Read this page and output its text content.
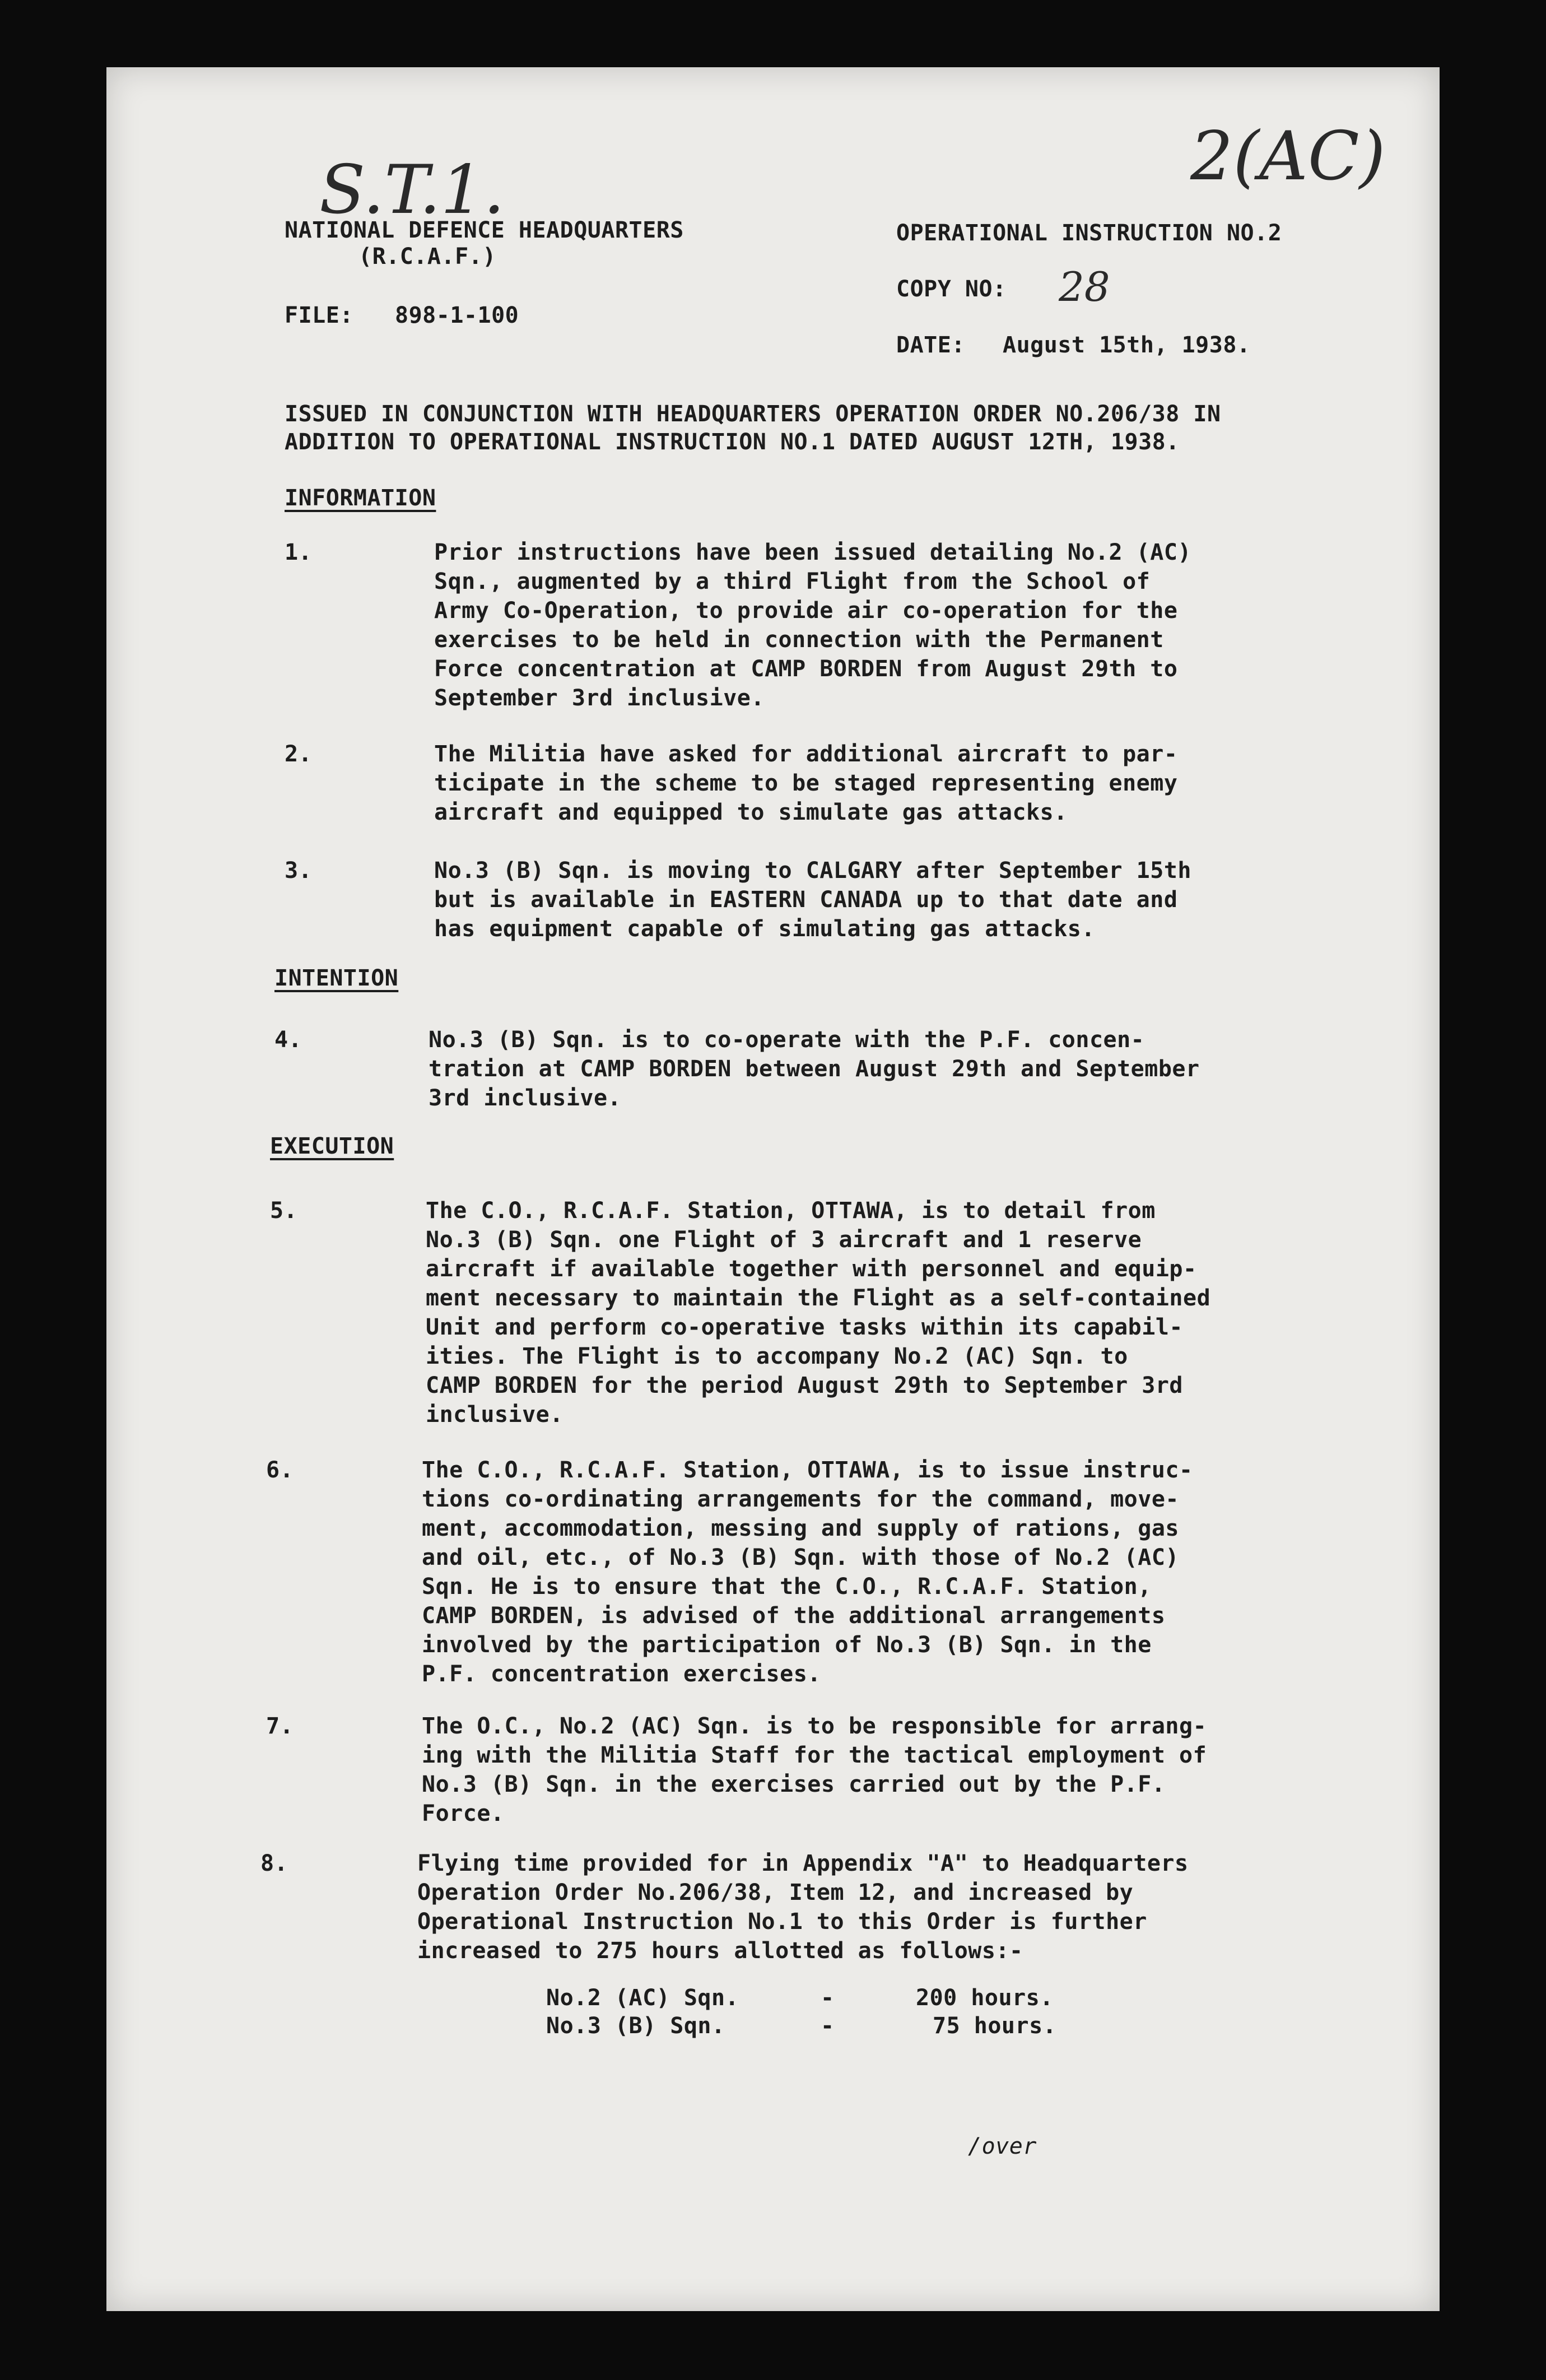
S.T.1.	2(AC)
NATIONAL DEFENCE HEADQUARTERS
(R.C.A.F.)
FILE: 898-1-100
OPERATIONAL INSTRUCTION NO.2
COPY NO: 28
DATE: August 15th, 1938.
ISSUED IN CONJUNCTION WITH HEADQUARTERS OPERATION ORDER NO.206/38 IN
ADDITION TO OPERATIONAL INSTRUCTION NO.1 DATED AUGUST 12TH, 1938.
INFORMATION
1.	Prior instructions have been issued detailing No.2 (AC)
Sqn., augmented by a third Flight from the School of
Army Co-Operation, to provide air co-operation for the
exercises to be held in connection with the Permanent
Force concentration at CAMP BORDEN from August 29th to
September 3rd inclusive.
2.	The Militia have asked for additional aircraft to par-
ticipate in the scheme to be staged representing enemy
aircraft and equipped to simulate gas attacks.
3.	No.3 (B) Sqn. is moving to CALGARY after September 15th
but is available in EASTERN CANADA up to that date and
has equipment capable of simulating gas attacks.
INTENTION
4.	No.3 (B) Sqn. is to co-operate with the P.F. concen-
tration at CAMP BORDEN between August 29th and September
3rd inclusive.
EXECUTION
5.	The C.O., R.C.A.F. Station, OTTAWA, is to detail from
No.3 (B) Sqn. one Flight of 3 aircraft and 1 reserve
aircraft if available together with personnel and equip-
ment necessary to maintain the Flight as a self-contained
Unit and perform co-operative tasks within its capabil-
ities. The Flight is to accompany No.2 (AC) Sqn. to
CAMP BORDEN for the period August 29th to September 3rd
inclusive.
6.	The C.O., R.C.A.F. Station, OTTAWA, is to issue instruc-
tions co-ordinating arrangements for the command, move-
ment, accommodation, messing and supply of rations, gas
and oil, etc., of No.3 (B) Sqn. with those of No.2 (AC)
Sqn. He is to ensure that the C.O., R.C.A.F. Station,
CAMP BORDEN, is advised of the additional arrangements
involved by the participation of No.3 (B) Sqn. in the
P.F. concentration exercises.
7.	The O.C., No.2 (AC) Sqn. is to be responsible for arrang-
ing with the Militia Staff for the tactical employment of
No.3 (B) Sqn. in the exercises carried out by the P.F.
Force.
8.	Flying time provided for in Appendix "A" to Headquarters
Operation Order No.206/38, Item 12, and increased by
Operational Instruction No.1 to this Order is further
increased to 275 hours allotted as follows:-
No.2 (AC) Sqn.	-	200 hours.
No.3 (B) Sqn.	-	75 hours.
/over
